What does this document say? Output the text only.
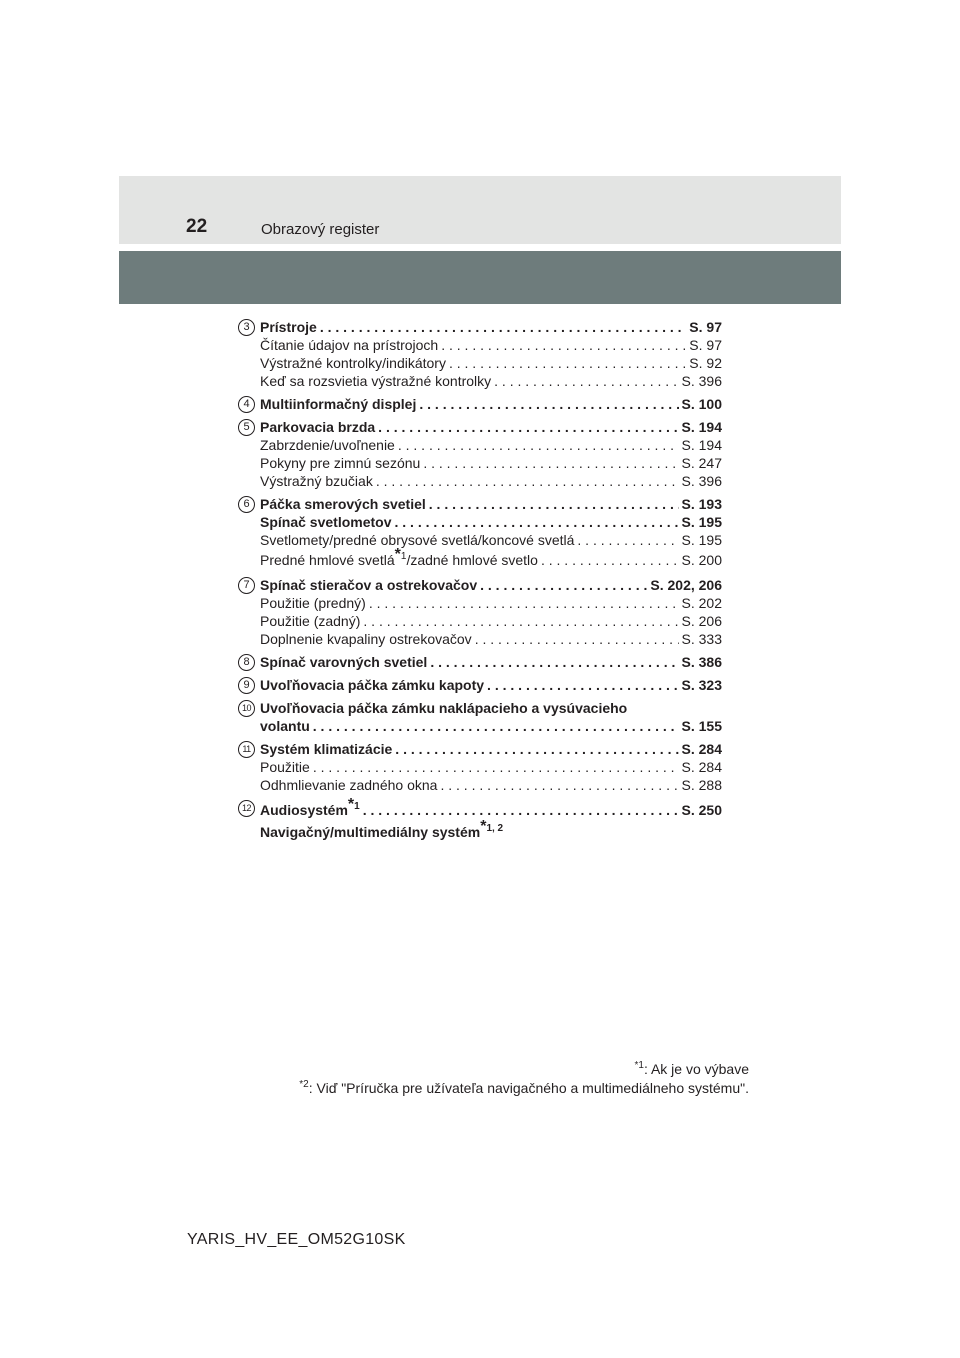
22	Obrazový register
3 Prístroje . . .	S. 97
Čítanie údajov na prístrojoch . . .	S. 97
Výstražné kontrolky/indikátory . . .	S. 92
Keď sa rozsvietia výstražné kontrolky . . .	S. 396
4 Multiinformačný displej . . .	S. 100
5 Parkovacia brzda . . .	S. 194
Zabrzdenie/uvoľnenie . . .	S. 194
Pokyny pre zimnú sezónu . . .	S. 247
Výstražný bzučiak . . .	S. 396
6 Páčka smerových svetiel . . .	S. 193
Spínač svetlometov . . .	S. 195
Svetlomety/predné obrysové svetlá/koncové svetlá . . .	S. 195
Predné hmlové svetlá$^{*1}$/zadné hmlové svetlo . . .	S. 200
7 Spínač stieračov a ostrekovačov . . .	S. 202, 206
Použitie (predný) . . .	S. 202
Použitie (zadný) . . .	S. 206
Doplnenie kvapaliny ostrekovačov . . .	S. 333
8 Spínač varovných svetiel . . .	S. 386
9 Uvoľňovacia páčka zámku kapoty . . .	S. 323
10 Uvoľňovacia páčka zámku naklápacieho a vysúvacieho
volantu . . .	S. 155
11 Systém klimatizácie . . .	S. 284
Použitie . . .	S. 284
Odhmlievanie zadného okna . . .	S. 288
12 Audiosystém$^{*1}$ . . .	S. 250
Navigačný/multimediálny systém$^{*1, 2}$
$^{*1}$: Ak je vo výbave
$^{*2}$: Viď "Príručka pre užívateľa navigačného a multimediálneho systému".
YARIS_HV_EE_OM52G10SK
